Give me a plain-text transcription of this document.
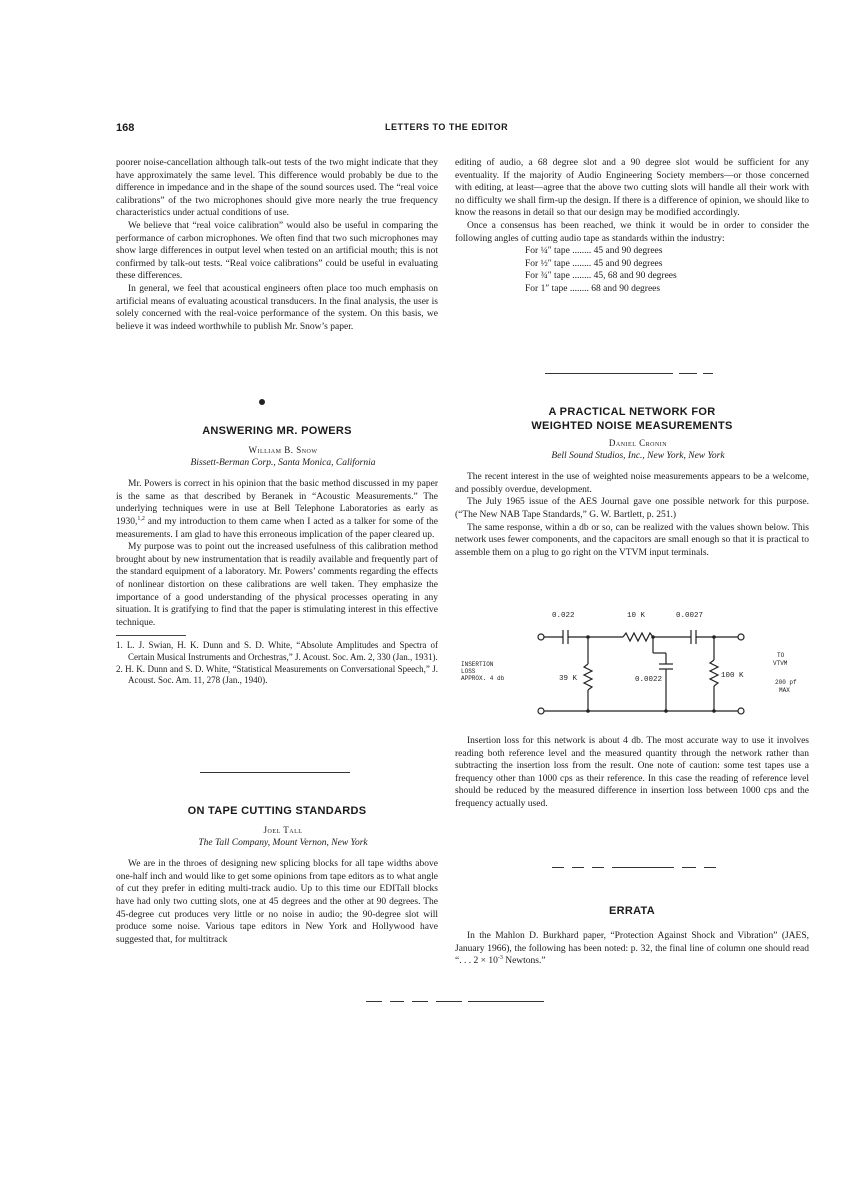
168	LETTERS TO THE EDITOR

poorer noise-cancellation although talk-out tests of the two might indicate that they have approximately the same level. This difference would probably be due to the difference in impedance and in the shape of the sound sources used. The “real voice calibrations” of the two microphones should give more nearly the true frequency characteristics under actual conditions of use.

We believe that “real voice calibration” would also be useful in comparing the performance of carbon microphones. We often find that two such microphones may show large differences in output level when tested on an artificial mouth; this is not confirmed by talk-out tests. “Real voice calibrations” could be useful in evaluating these differences.

In general, we feel that acoustical engineers often place too much emphasis on artificial means of evaluating acoustical transducers. In the final analysis, the user is solely concerned with the real-voice performance of the system. On this basis, we believe it was indeed worthwhile to publish Mr. Snow’s paper.

ANSWERING MR. POWERS

William B. Snow

Bissett-Berman Corp., Santa Monica, California

Mr. Powers is correct in his opinion that the basic method discussed in my paper is the same as that described by Beranek in “Acoustic Measurements.” The underlying techniques were in use at Bell Telephone Laboratories as early as 1930,$^{1,2}$ and my introduction to them came when I acted as a talker for some of the measurements. I am glad to have this erroneous implication of the paper cleared up.

My purpose was to point out the increased usefulness of this calibration method brought about by new instrumentation that is readily available and frequently part of the standard equipment of a laboratory. Mr. Powers’ comments regarding the effects of nonlinear distortion on these calibrations are well taken. They emphasize the importance of a good understanding of the physical processes operating in any situation. It is gratifying to find that the paper is stimulating interest in this effective technique.

1. L. J. Swian, H. K. Dunn and S. D. White, “Absolute Amplitudes and Spectra of Certain Musical Instruments and Orchestras,” J. Acoust. Soc. Am. 2, 330 (Jan., 1931).

2. H. K. Dunn and S. D. White, “Statistical Measurements on Conversational Speech,” J. Acoust. Soc. Am. 11, 278 (Jan., 1940).

ON TAPE CUTTING STANDARDS

Joel Tall

The Tall Company, Mount Vernon, New York

We are in the throes of designing new splicing blocks for all tape widths above one-half inch and would like to get some opinions from tape editors as to what angle of cut they prefer in editing multi-track audio. Up to this time our EDITall blocks have had only two cutting slots, one at 45 degrees and the other at 90 degrees. The 45-degree cut produces very little or no noise in audio; the 90-degree slot will produce some noise. Various tape editors in New York and Hollywood have suggested that, for multitrack

editing of audio, a 68 degree slot and a 90 degree slot would be sufficient for any eventuality. If the majority of Audio Engineering Society members—or those concerned with editing, at least—agree that the above two cutting slots will handle all their work with no difficulty we shall firm-up the design. If there is a difference of opinion, we should like to know the reasons in detail so that our design may be modified accordingly.

Once a consensus has been reached, we think it would be in order to consider the following angles of cutting audio tape as standards within the industry:

For ¼″ tape ........ 45 and 90 degrees
For ½″ tape ........ 45 and 90 degrees
For ¾″ tape ........ 45, 68 and 90 degrees
For 1″ tape ........ 68 and 90 degrees
A PRACTICAL NETWORK FOR
WEIGHTED NOISE MEASUREMENTS

Daniel Cronin

Bell Sound Studios, Inc., New York, New York

The recent interest in the use of weighted noise measurements appears to be a welcome, and possibly overdue, development.

The July 1965 issue of the AES Journal gave one possible network for this purpose. (“The New NAB Tape Standards,” G. W. Bartlett, p. 251.)

The same response, within a db or so, can be realized with the values shown below. This network uses fewer components, and the capacitors are small enough so that it is practical to assemble them on a plug to go right on the VTVM input terminals.

0.022	10 K	0.0027
39 K	0.0022	100 K
INSERTION
LOSS
APPROX. 4 db
TO
VTVM
200 pf
MAX

Insertion loss for this network is about 4 db. The most accurate way to use it involves reading both reference level and the measured quantity through the network rather than subtracting the insertion loss from the result. One note of caution: some test tapes use a frequency other than 1000 cps as their reference. In this case the reading of reference level should be reduced by the measured difference in insertion loss between 1000 cps and the frequency actually used.

ERRATA

In the Mahlon D. Burkhard paper, “Protection Against Shock and Vibration” (JAES, January 1966), the following has been noted: p. 32, the final line of column one should read “. . . $2 \times 10^{-3}$ Newtons.”
